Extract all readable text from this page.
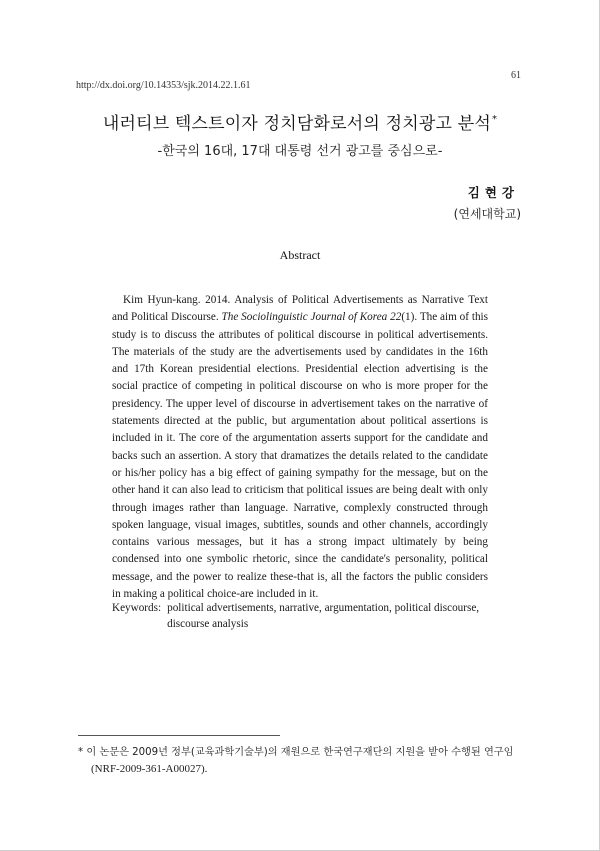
61
http://dx.doi.org/10.14353/sjk.2014.22.1.61
내러티브 텍스트이자 정치담화로서의 정치광고 분석*
-한국의 16대, 17대 대통령 선거 광고를 중심으로-
김현강
(연세대학교)
Abstract
Kim Hyun-kang. 2014. Analysis of Political Advertisements as Narrative Text and Political Discourse. The Sociolinguistic Journal of Korea 22(1). The aim of this study is to discuss the attributes of political discourse in political advertisements. The materials of the study are the advertisements used by candidates in the 16th and 17th Korean presidential elections. Presidential election advertising is the social practice of competing in political discourse on who is more proper for the presidency. The upper level of discourse in advertisement takes on the narrative of statements directed at the public, but argumentation about political assertions is included in it. The core of the argumentation asserts support for the candidate and backs such an assertion. A story that dramatizes the details related to the candidate or his/her policy has a big effect of gaining sympathy for the message, but on the other hand it can also lead to criticism that political issues are being dealt with only through images rather than language. Narrative, complexly constructed through spoken language, visual images, subtitles, sounds and other channels, accordingly contains various messages, but it has a strong impact ultimately by being condensed into one symbolic rhetoric, since the candidate's personality, political message, and the power to realize these-that is, all the factors the public considers in making a political choice-are included in it.
Keywords: political advertisements, narrative, argumentation, political discourse, discourse analysis
* 이 논문은 2009년 정부(교육과학기술부)의 재원으로 한국연구재단의 지원을 받아 수행된 연구임
(NRF-2009-361-A00027).
